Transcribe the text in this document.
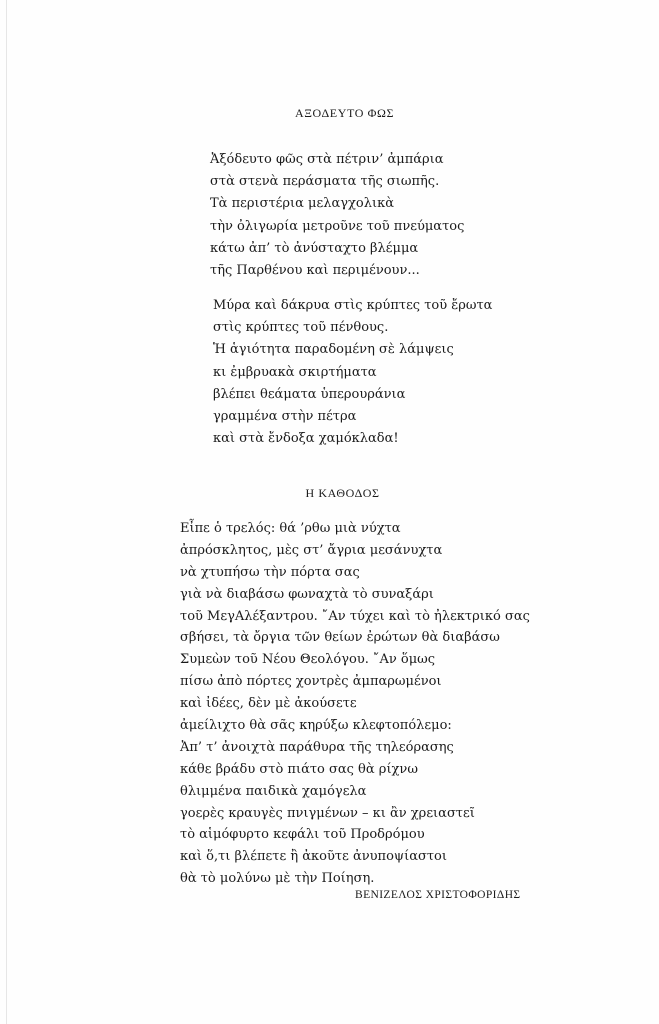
ΑΞΟΔΕΥΤΟ ΦΩΣ
Ἀξόδευτο φῶς στὰ πέτριν’ ἀμπάρια
στὰ στενὰ περάσματα τῆς σιωπῆς.
Τὰ περιστέρια μελαγχολικὰ
τὴν ὀλιγωρία μετροῦνε τοῦ πνεύματος
κάτω ἀπ’ τὸ ἀνύσταχτο βλέμμα
τῆς Παρθένου καὶ περιμένουν...
Μύρα καὶ δάκρυα στὶς κρύπτες τοῦ ἔρωτα
στὶς κρύπτες τοῦ πένθους.
Ἡ ἁγιότητα παραδομένη σὲ λάμψεις
κι ἐμβρυακὰ σκιρτήματα
βλέπει θεάματα ὑπερουράνια
γραμμένα στὴν πέτρα
καὶ στὰ ἔνδοξα χαμόκλαδα!
Η ΚΑΘΟΔΟΣ
Εἶπε ὁ τρελός: θά ’ρθω μιὰ νύχτα
ἀπρόσκλητος, μὲς στ’ ἄγρια μεσάνυχτα
νὰ χτυπήσω τὴν πόρτα σας
γιὰ νὰ διαβάσω φωναχτὰ τὸ συναξάρι
τοῦ ΜεγΑλέξαντρου. ῎Αν τύχει καὶ τὸ ἠλεκτρικό σας
σβήσει, τὰ ὄργια τῶν θείων ἐρώτων θὰ διαβάσω
Συμεὼν τοῦ Νέου Θεολόγου. ῎Αν ὅμως
πίσω ἀπὸ πόρτες χοντρὲς ἀμπαρωμένοι
καὶ ἰδέες, δὲν μὲ ἀκούσετε
ἀμείλιχτο θὰ σᾶς κηρύξω κλεφτοπόλεμο:
Ἀπ’ τ’ ἀνοιχτὰ παράθυρα τῆς τηλεόρασης
κάθε βράδυ στὸ πιάτο σας θὰ ρίχνω
θλιμμένα παιδικὰ χαμόγελα
γοερὲς κραυγὲς πνιγμένων – κι ἂν χρειαστεῖ
τὸ αἱμόφυρτο κεφάλι τοῦ Προδρόμου
καὶ ὅ,τι βλέπετε ἢ ἀκοῦτε ἀνυποψίαστοι
θὰ τὸ μολύνω μὲ τὴν Ποίηση.
ΒΕΝΙΖΕΛΟΣ ΧΡΙΣΤΟΦΟΡΙΔΗΣ
